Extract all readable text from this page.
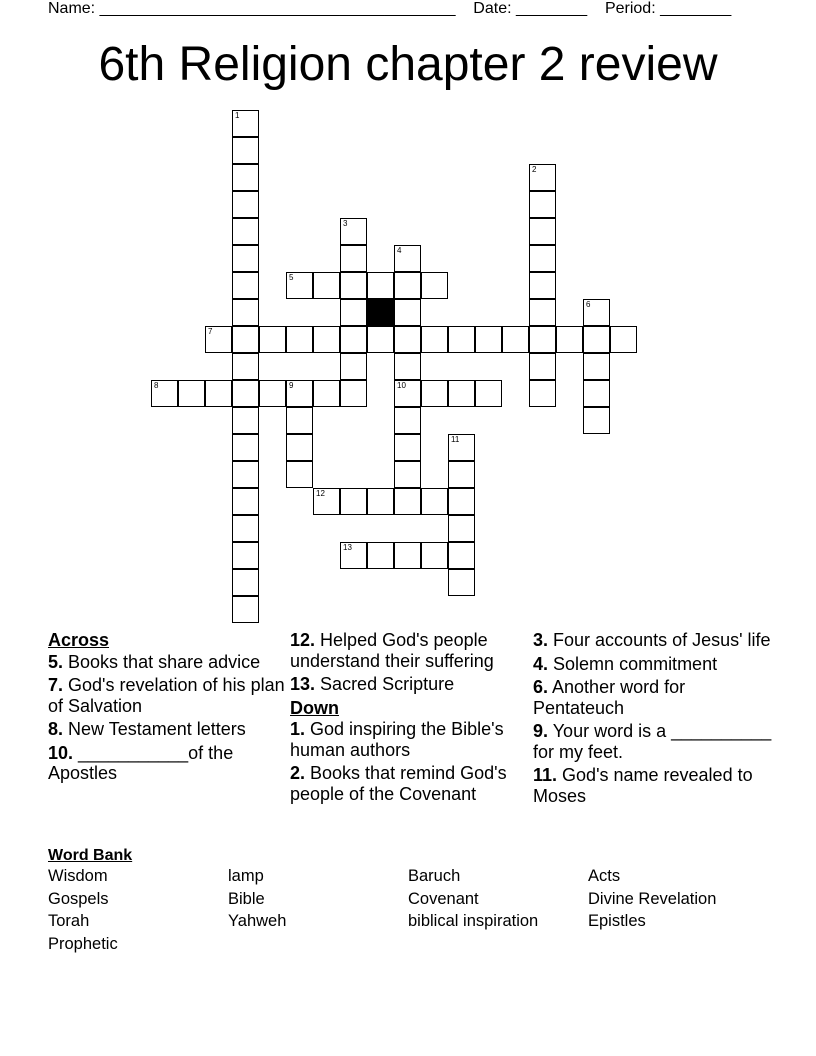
Name: ________________________________________ Date: ________ Period: ________
6th Religion chapter 2 review
1
2
3
4
10
5
6
7
8	9
11
12
13
Across
5. Books that share advice
7. God's revelation of his plan of Salvation
8. New Testament letters
10. ___________of the Apostles
12. Helped God's people understand their suffering
13. Sacred Scripture
Down
1. God inspiring the Bible's human authors
2. Books that remind God's people of the Covenant
3. Four accounts of Jesus' life
4. Solemn commitment
6. Another word for Pentateuch
9. Your word is a __________ for my feet.
11. God's name revealed to Moses
Word Bank
Wisdom	lamp	Baruch	Acts
Gospels	Bible	Covenant	Divine Revelation
Torah	Yahweh	biblical inspiration	Epistles
Prophetic
